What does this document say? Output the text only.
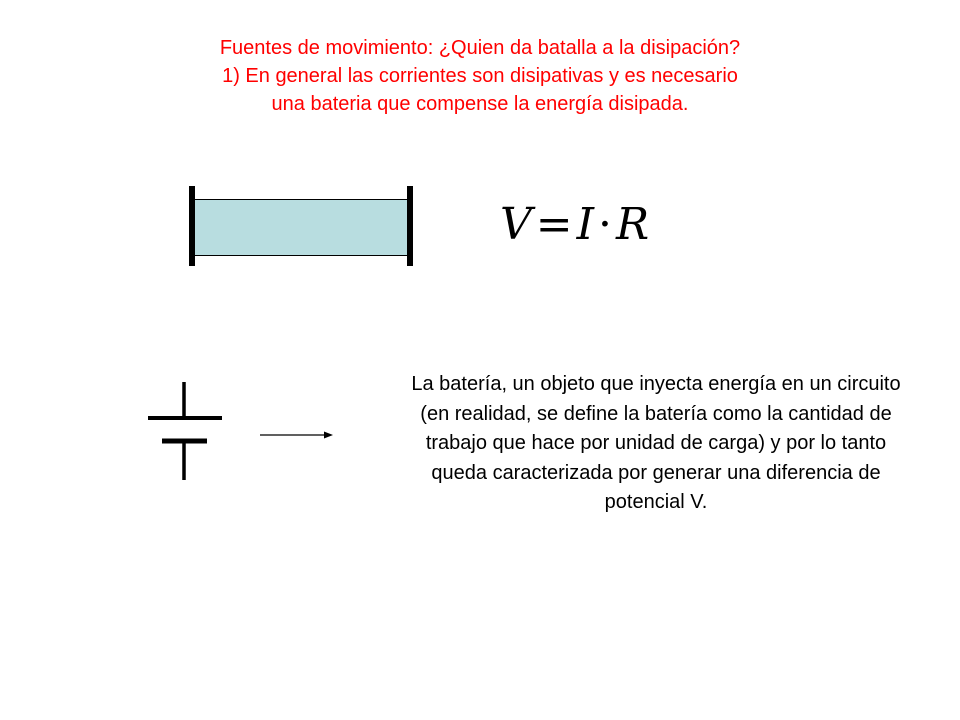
Fuentes de movimiento: ¿Quien da batalla a la disipación?
1) En general las corrientes son disipativas y es necesario
una bateria que compense la energía disipada.
V=I·R
La batería, un objeto que inyecta energía en un circuito (en realidad, se define la batería como la cantidad de trabajo que hace por unidad de carga) y por lo tanto queda caracterizada por generar una diferencia de potencial V.
